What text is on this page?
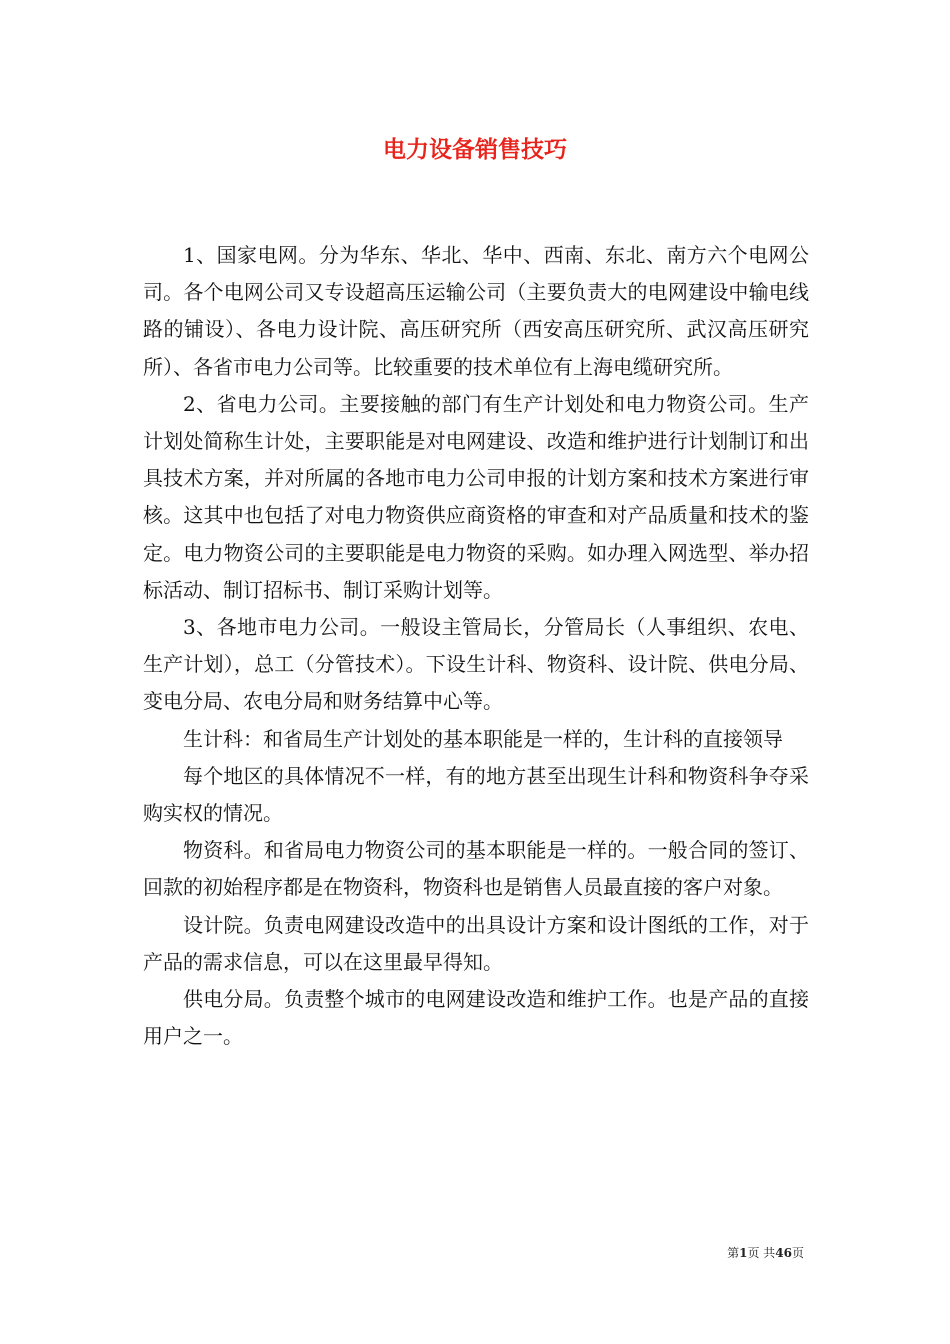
电力设备销售技巧

1、国家电网。分为华东、华北、华中、西南、东北、南方六个电网公司。各个电网公司又专设超高压运输公司（主要负责大的电网建设中输电线路的铺设）、各电力设计院、高压研究所（西安高压研究所、武汉高压研究所）、各省市电力公司等。比较重要的技术单位有上海电缆研究所。

2、省电力公司。主要接触的部门有生产计划处和电力物资公司。生产计划处简称生计处，主要职能是对电网建设、改造和维护进行计划制订和出具技术方案，并对所属的各地市电力公司申报的计划方案和技术方案进行审核。这其中也包括了对电力物资供应商资格的审查和对产品质量和技术的鉴定。电力物资公司的主要职能是电力物资的采购。如办理入网选型、举办招标活动、制订招标书、制订采购计划等。

3、各地市电力公司。一般设主管局长，分管局长（人事组织、农电、生产计划），总工（分管技术）。下设生计科、物资科、设计院、供电分局、变电分局、农电分局和财务结算中心等。

生计科：和省局生产计划处的基本职能是一样的，生计科的直接领导

每个地区的具体情况不一样，有的地方甚至出现生计科和物资科争夺采购实权的情况。

物资科。和省局电力物资公司的基本职能是一样的。一般合同的签订、回款的初始程序都是在物资科，物资科也是销售人员最直接的客户对象。

设计院。负责电网建设改造中的出具设计方案和设计图纸的工作，对于产品的需求信息，可以在这里最早得知。

供电分局。负责整个城市的电网建设改造和维护工作。也是产品的直接用户之一。

第1页 共46页
